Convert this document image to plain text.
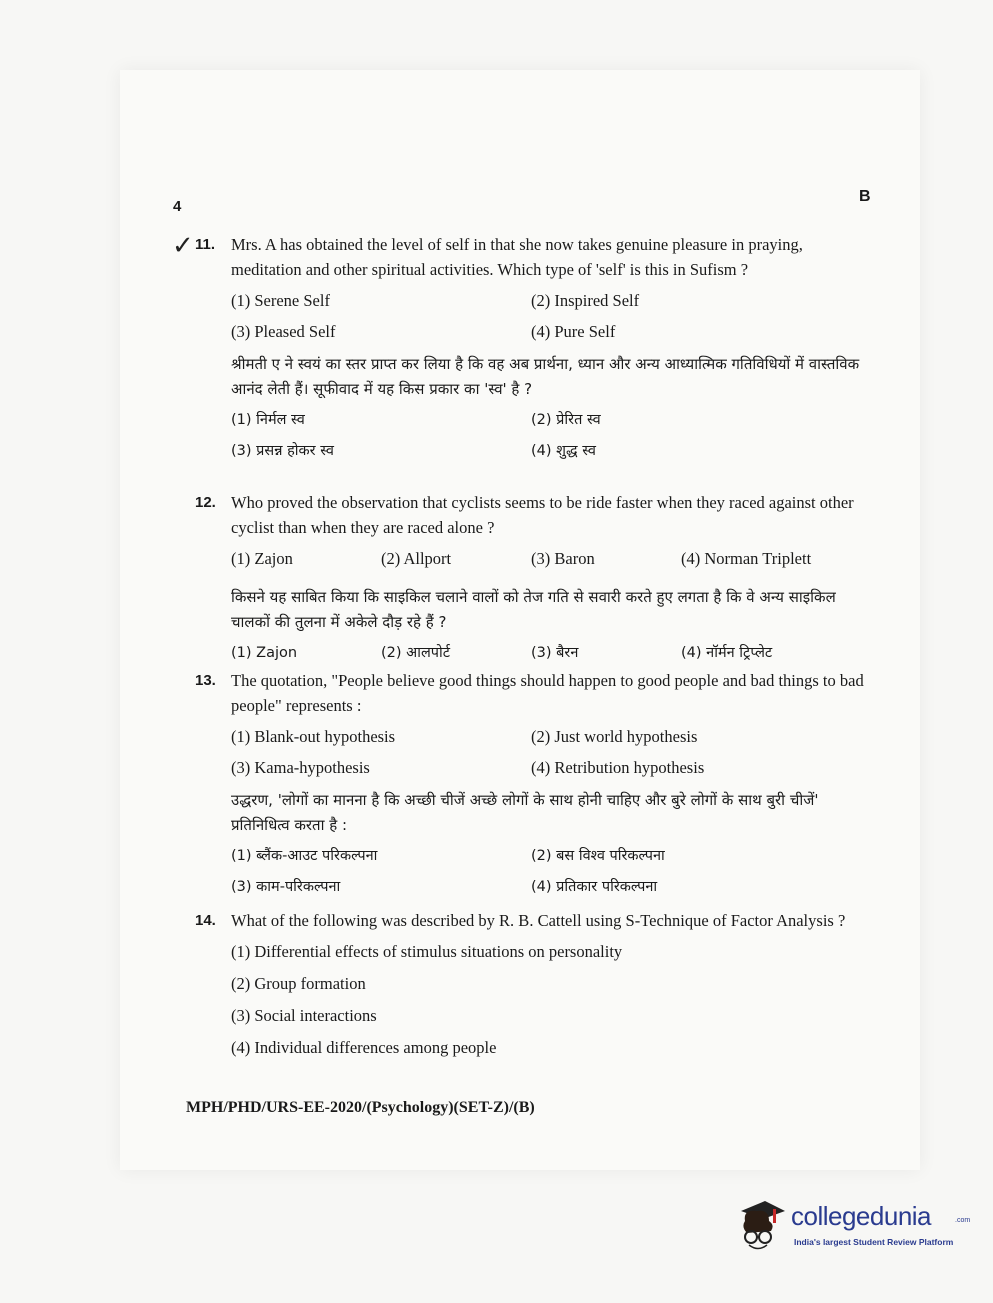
4
B
✓ 11. Mrs. A has obtained the level of self in that she now takes genuine pleasure in praying, meditation and other spiritual activities. Which type of 'self' is this in Sufism ?
(1) Serene Self	(2) Inspired Self
(3) Pleased Self	(4) Pure Self
श्रीमती ए ने स्वयं का स्तर प्राप्त कर लिया है कि वह अब प्रार्थना, ध्यान और अन्य आध्यात्मिक गतिविधियों में वास्तविक आनंद लेती हैं। सूफीवाद में यह किस प्रकार का 'स्व' है ?
(1) निर्मल स्व	(2) प्रेरित स्व
(3) प्रसन्न होकर स्व	(4) शुद्ध स्व
12. Who proved the observation that cyclists seems to be ride faster when they raced against other cyclist than when they are raced alone ?
(1) Zajon	(2) Allport	(3) Baron	(4) Norman Triplett
किसने यह साबित किया कि साइकिल चलाने वालों को तेज गति से सवारी करते हुए लगता है कि वे अन्य साइकिल चालकों की तुलना में अकेले दौड़ रहे हैं ?
(1) Zajon	(2) आलपोर्ट	(3) बैरन	(4) नॉर्मन ट्रिप्लेट
13. The quotation, "People believe good things should happen to good people and bad things to bad people" represents :
(1) Blank-out hypothesis	(2) Just world hypothesis
(3) Kama-hypothesis	(4) Retribution hypothesis
उद्धरण, 'लोगों का मानना है कि अच्छी चीजें अच्छे लोगों के साथ होनी चाहिए और बुरे लोगों के साथ बुरी चीजें' प्रतिनिधित्व करता है :
(1) ब्लैंक-आउट परिकल्पना	(2) बस विश्व परिकल्पना
(3) काम-परिकल्पना	(4) प्रतिकार परिकल्पना
14. What of the following was described by R. B. Cattell using S-Technique of Factor Analysis ?
(1) Differential effects of stimulus situations on personality
(2) Group formation
(3) Social interactions
(4) Individual differences among people
MPH/PHD/URS-EE-2020/(Psychology)(SET-Z)/(B)
collegedunia	.com
India's largest Student Review Platform
